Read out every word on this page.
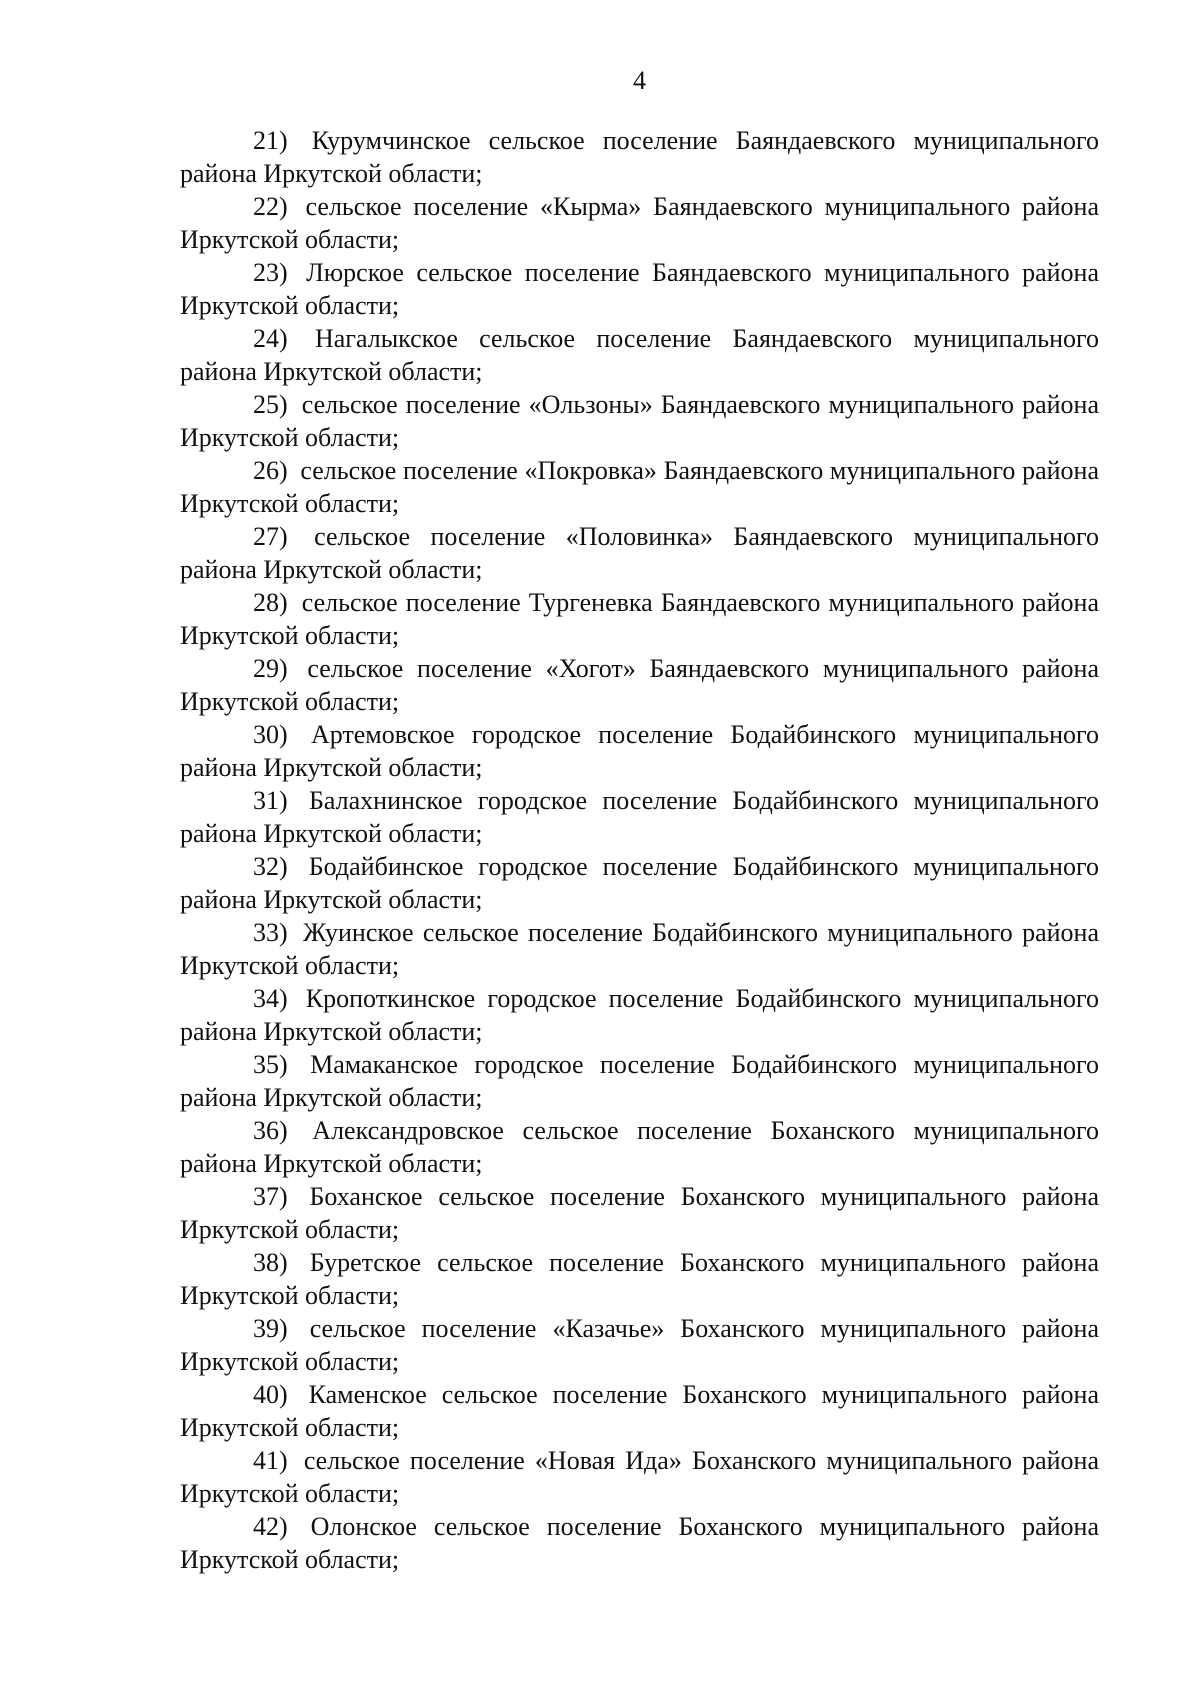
4

21) Курумчинское сельское поселение Баяндаевского муниципального района Иркутской области;

22) сельское поселение «Кырма» Баяндаевского муниципального района Иркутской области;

23) Люрское сельское поселение Баяндаевского муниципального района Иркутской области;

24) Нагалыкское сельское поселение Баяндаевского муниципального района Иркутской области;

25) сельское поселение «Ользоны» Баяндаевского муниципального района Иркутской области;

26) сельское поселение «Покровка» Баяндаевского муниципального района Иркутской области;

27) сельское поселение «Половинка» Баяндаевского муниципального района Иркутской области;

28) сельское поселение Тургеневка Баяндаевского муниципального района Иркутской области;

29) сельское поселение «Хогот» Баяндаевского муниципального района Иркутской области;

30) Артемовское городское поселение Бодайбинского муниципального района Иркутской области;

31) Балахнинское городское поселение Бодайбинского муниципального района Иркутской области;

32) Бодайбинское городское поселение Бодайбинского муниципального района Иркутской области;

33) Жуинское сельское поселение Бодайбинского муниципального района Иркутской области;

34) Кропоткинское городское поселение Бодайбинского муниципального района Иркутской области;

35) Мамаканское городское поселение Бодайбинского муниципального района Иркутской области;

36) Александровское сельское поселение Боханского муниципального района Иркутской области;

37) Боханское сельское поселение Боханского муниципального района Иркутской области;

38) Буретское сельское поселение Боханского муниципального района Иркутской области;

39) сельское поселение «Казачье» Боханского муниципального района Иркутской области;

40) Каменское сельское поселение Боханского муниципального района Иркутской области;

41) сельское поселение «Новая Ида» Боханского муниципального района Иркутской области;

42) Олонское сельское поселение Боханского муниципального района Иркутской области;
